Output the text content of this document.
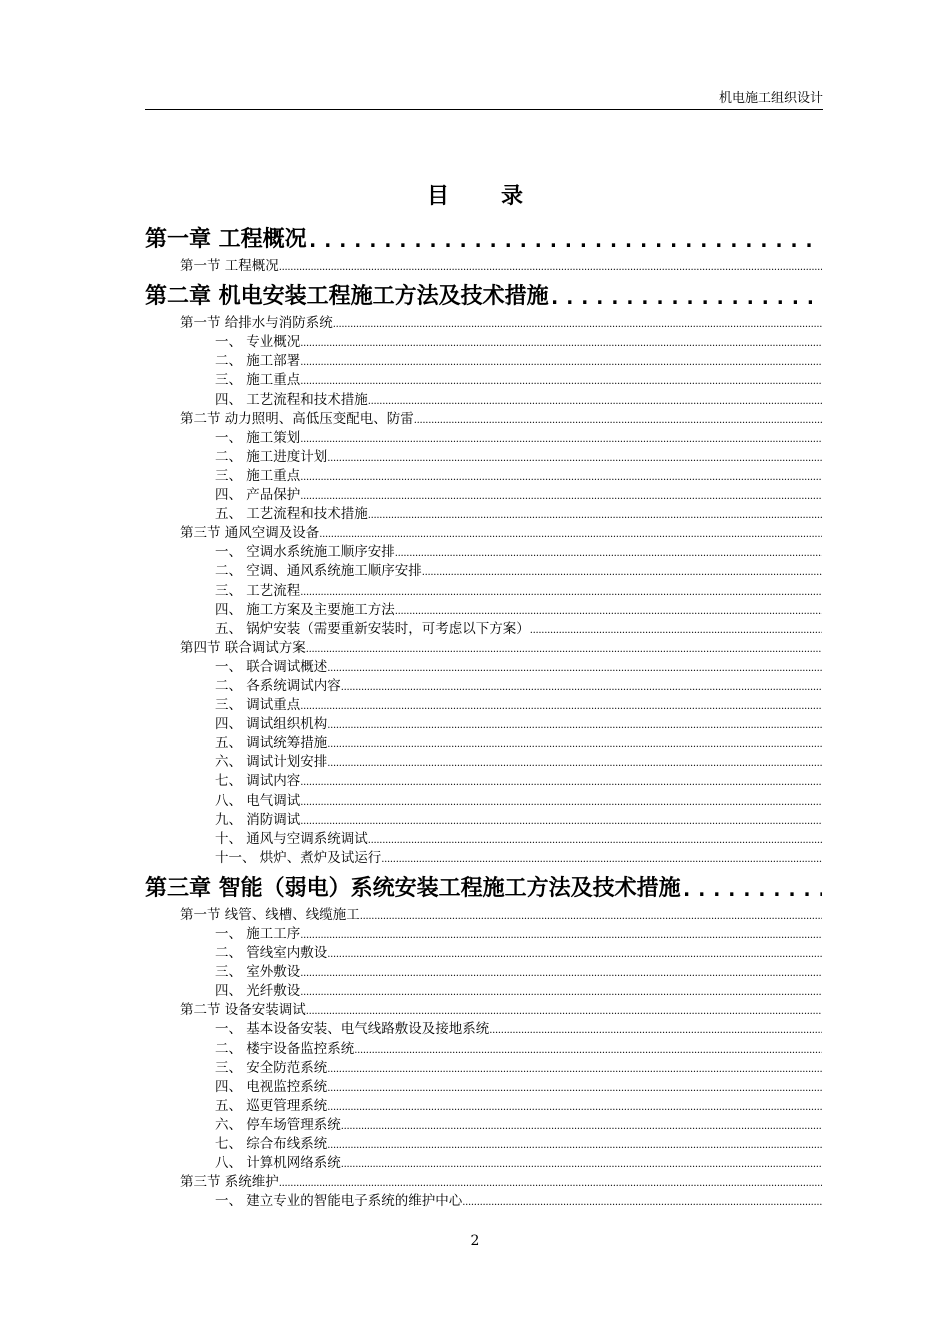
机电施工组织设计
目 录
第一章 工程概况
.....
第一节 工程概况
.....
第二章 机电安装工程施工方法及技术措施
.....
第一节 给排水与消防系统
.....
一、 专业概况
.....
二、 施工部署
.....
三、 施工重点
.....
四、 工艺流程和技术措施
.....
第二节 动力照明、高低压变配电、防雷
.....
一、 施工策划
.....
二、 施工进度计划
.....
三、 施工重点
.....
四、 产品保护
.....
五、 工艺流程和技术措施
.....
第三节 通风空调及设备
.....
一、 空调水系统施工顺序安排
.....
二、 空调、通风系统施工顺序安排
.....
三、 工艺流程
.....
四、 施工方案及主要施工方法
.....
五、 锅炉安装（需要重新安装时，可考虑以下方案）
.....
第四节 联合调试方案
.....
一、 联合调试概述
.....
二、 各系统调试内容
.....
三、 调试重点
.....
四、 调试组织机构
.....
五、 调试统筹措施
.....
六、 调试计划安排
.....
七、 调试内容
.....
八、 电气调试
.....
九、 消防调试
.....
十、 通风与空调系统调试
.....
十一、 烘炉、煮炉及试运行
.....
第三章 智能（弱电）系统安装工程施工方法及技术措施
.....
第一节 线管、线槽、线缆施工
.....
一、 施工工序
.....
二、 管线室内敷设
.....
三、 室外敷设
.....
四、 光纤敷设
.....
第二节 设备安装调试
.....
一、 基本设备安装、电气线路敷设及接地系统
.....
二、 楼宇设备监控系统
.....
三、 安全防范系统
.....
四、 电视监控系统
.....
五、 巡更管理系统
.....
六、 停车场管理系统
.....
七、 综合布线系统
.....
八、 计算机网络系统
.....
第三节 系统维护
.....
一、 建立专业的智能电子系统的维护中心
.....
2
